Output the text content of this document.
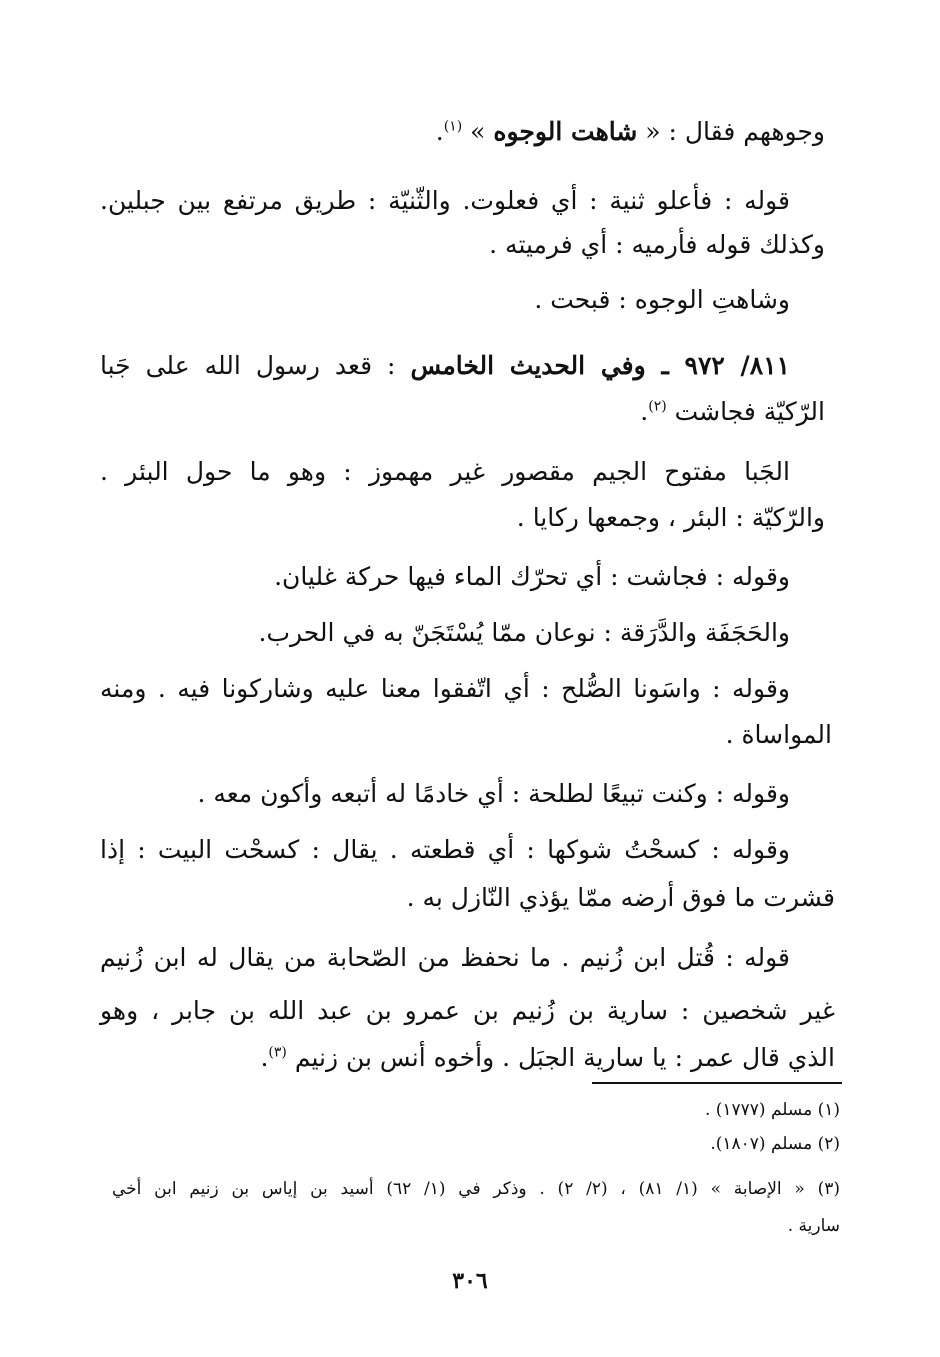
وجوههم فقال : « شاهت الوجوه » $^{(١)}$.

قوله : فأعلو ثنية : أي فعلوت. والثّنيّة : طريق مرتفع بين جبلين.

وكذلك قوله فأرميه : أي فرميته .

وشاهتِ الوجوه : قبحت .

٨١١/ ٩٧٢ ـ وفي الحديث الخامس : قعد رسول الله على جَبا

الرّكيّة فجاشت $^{(٢)}$.

الجَبا مفتوح الجيم مقصور غير مهموز : وهو ما حول البئر .

والرّكيّة : البئر ، وجمعها ركايا .

وقوله : فجاشت : أي تحرّك الماء فيها حركة غليان.

والحَجَفَة والدَّرَقة : نوعان ممّا يُسْتَجَنّ به في الحرب.

وقوله : واسَونا الصُّلح : أي اتّفقوا معنا عليه وشاركونا فيه . ومنه

المواساة .

وقوله : وكنت تبيعًا لطلحة : أي خادمًا له أتبعه وأكون معه .

وقوله : كسحْتُ شوكها : أي قطعته . يقال : كسحْت البيت : إذا

قشرت ما فوق أرضه ممّا يؤذي النّازل به .

قوله : قُتل ابن زُنيم . ما نحفظ من الصّحابة من يقال له ابن زُنيم

غير شخصين : سارية بن زُنيم بن عمرو بن عبد الله بن جابر ، وهو

الذي قال عمر : يا سارية الجبَل . وأخوه أنس بن زنيم $^{(٣)}$.

(١) مسلم (١٧٧٧) .
(٢) مسلم (١٨٠٧).
(٣) « الإصابة » (١/ ٨١) ، (٢/ ٢) . وذكر في (١/ ٦٢) أسيد بن إياس بن زنيم ابن أخي
سارية .
٣٠٦
